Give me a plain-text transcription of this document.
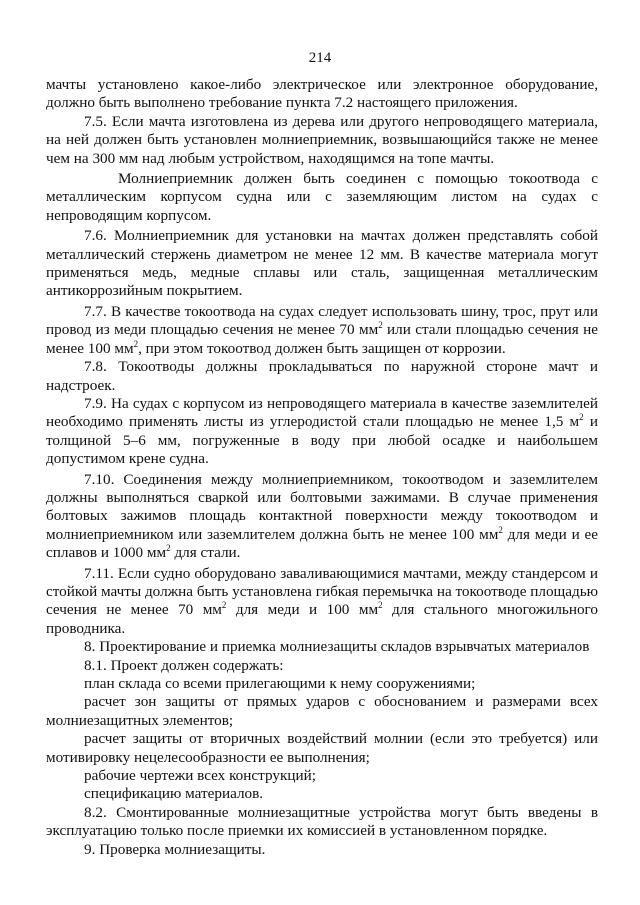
214

мачты установлено какое-либо электрическое или электронное оборудование, должно быть выполнено требование пункта 7.2 настоящего приложения.

7.5. Если мачта изготовлена из дерева или другого непроводящего материала, на ней должен быть установлен молниеприемник, возвышающийся также не менее чем на 300 мм над любым устройством, находящимся на топе мачты.

Молниеприемник должен быть соединен с помощью токоотвода с металлическим корпусом судна или с заземляющим листом на судах с непроводящим корпусом.

7.6. Молниеприемник для установки на мачтах должен представлять собой металлический стержень диаметром не менее 12 мм. В качестве материала могут применяться медь, медные сплавы или сталь, защищенная металлическим антикоррозийным покрытием.

7.7. В качестве токоотвода на судах следует использовать шину, трос, прут или провод из меди площадью сечения не менее 70 $мм^2$ или стали площадью сечения не менее 100 $мм^2$, при этом токоотвод должен быть защищен от коррозии.

7.8. Токоотводы должны прокладываться по наружной стороне мачт и надстроек.

7.9. На судах с корпусом из непроводящего материала в качестве заземлителей необходимо применять листы из углеродистой стали площадью не менее 1,5 $м^2$ и толщиной 5–6 мм, погруженные в воду при любой осадке и наибольшем допустимом крене судна.

7.10. Соединения между молниеприемником, токоотводом и заземлителем должны выполняться сваркой или болтовыми зажимами. В случае применения болтовых зажимов площадь контактной поверхности между токоотводом и молниеприемником или заземлителем должна быть не менее 100 $мм^2$ для меди и ее сплавов и 1000 $мм^2$ для стали.

7.11. Если судно оборудовано заваливающимися мачтами, между стандерсом и стойкой мачты должна быть установлена гибкая перемычка на токоотводе площадью сечения не менее 70 $мм^2$ для меди и 100 $мм^2$ для стального многожильного проводника.

8. Проектирование и приемка молниезащиты складов взрывчатых материалов

8.1. Проект должен содержать:

план склада со всеми прилегающими к нему сооружениями;

расчет зон защиты от прямых ударов с обоснованием и размерами всех молниезащитных элементов;

расчет защиты от вторичных воздействий молнии (если это требуется) или мотивировку нецелесообразности ее выполнения;

рабочие чертежи всех конструкций;

спецификацию материалов.

8.2. Смонтированные молниезащитные устройства могут быть введены в эксплуатацию только после приемки их комиссией в установленном порядке.

9. Проверка молниезащиты.
